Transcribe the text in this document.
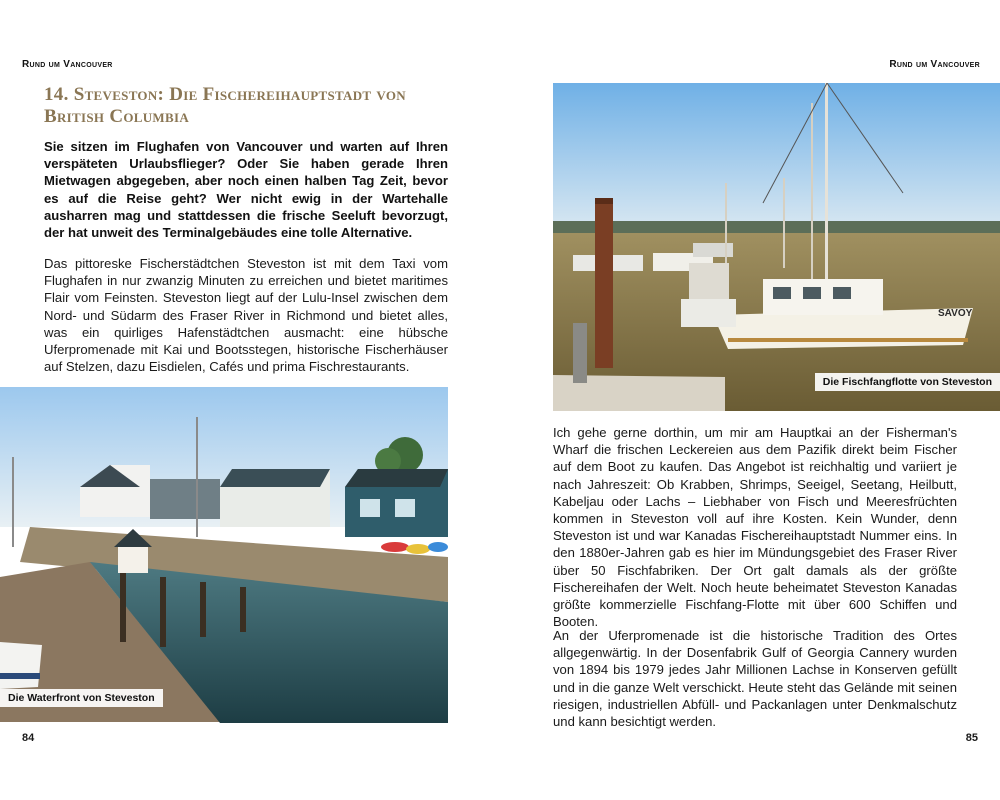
Rund um Vancouver
14. Steveston: Die Fischereihauptstadt von British Columbia

Sie sitzen im Flughafen von Vancouver und warten auf Ihren verspäteten Urlaubsflieger? Oder Sie haben gerade Ihren Mietwagen abgegeben, aber noch einen halben Tag Zeit, bevor es auf die Reise geht? Wer nicht ewig in der Wartehalle ausharren mag und stattdessen die frische Seeluft bevorzugt, der hat unweit des Terminalgebäudes eine tolle Alternative.

Das pittoreske Fischerstädtchen Steveston ist mit dem Taxi vom Flughafen in nur zwanzig Minuten zu erreichen und bietet maritimes Flair vom Feinsten. Steveston liegt auf der Lulu-Insel zwischen dem Nord- und Südarm des Fraser River in Richmond und bietet alles, was ein quirliges Hafenstädtchen ausmacht: eine hübsche Uferpromenade mit Kai und Bootsstegen, historische Fischerhäuser auf Stelzen, dazu Eisdielen, Cafés und prima Fischrestaurants.

Die Waterfront von Steveston
84
Rund um Vancouver
SAVOY
Die Fischfangflotte von Steveston

Ich gehe gerne dorthin, um mir am Hauptkai an der Fisherman's Wharf die frischen Leckereien aus dem Pazifik direkt beim Fischer auf dem Boot zu kaufen. Das Angebot ist reichhaltig und variiert je nach Jahreszeit: Ob Krabben, Shrimps, Seeigel, Seetang, Heilbutt, Kabeljau oder Lachs – Liebhaber von Fisch und Meeresfrüchten kommen in Steveston voll auf ihre Kosten. Kein Wunder, denn Steveston ist und war Kanadas Fischereihauptstadt Nummer eins. In den 1880er-Jahren gab es hier im Mündungsgebiet des Fraser River über 50 Fischfabriken. Der Ort galt damals als der größte Fischereihafen der Welt. Noch heute beheimatet Steveston Kanadas größte kommerzielle Fischfang-Flotte mit über 600 Schiffen und Booten.

An der Uferpromenade ist die historische Tradition des Ortes allgegenwärtig. In der Dosenfabrik Gulf of Georgia Cannery wurden von 1894 bis 1979 jedes Jahr Millionen Lachse in Konserven gefüllt und in die ganze Welt verschickt. Heute steht das Gelände mit seinen riesigen, industriellen Abfüll- und Packanlagen unter Denkmalschutz und kann besichtigt werden.

85
